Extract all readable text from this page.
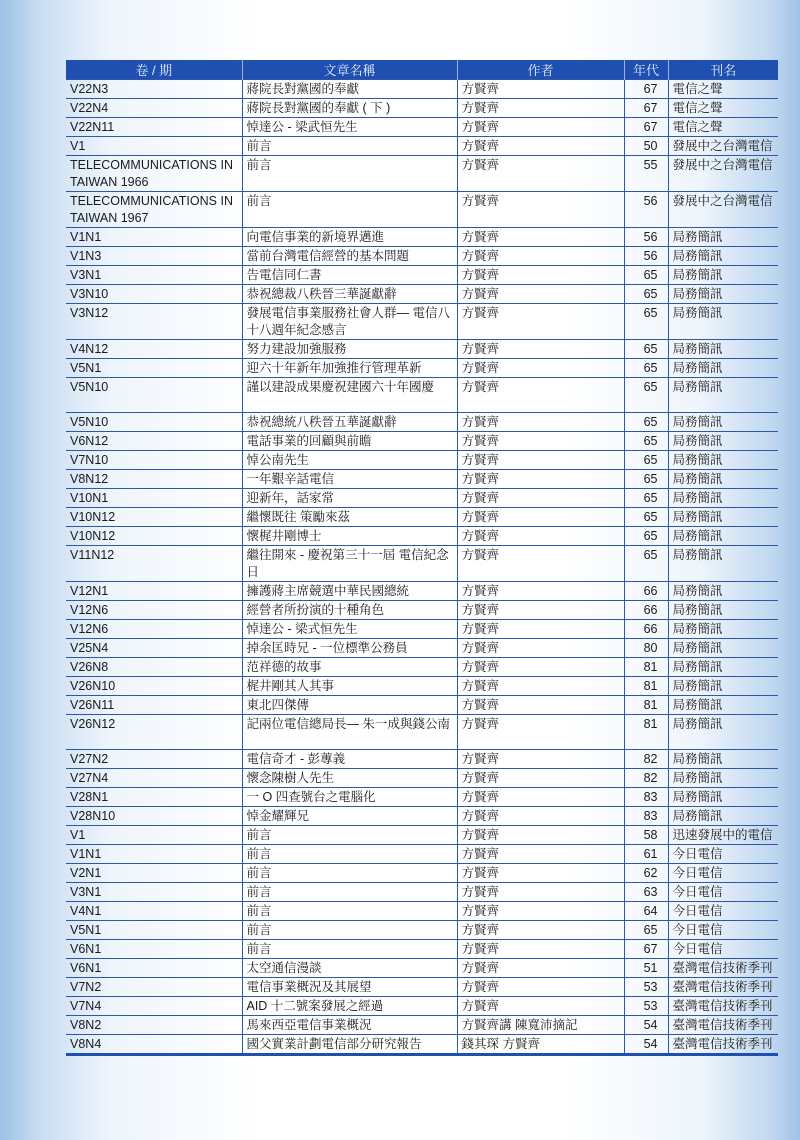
卷 / 期	文章名稱	作者	年代	刊名
V22N3	蔣院長對黨國的奉獻	方賢齊	67	電信之聲
V22N4	蔣院長對黨國的奉獻 ( 下 )	方賢齊	67	電信之聲
V22N11	悼達公 - 梁武恒先生	方賢齊	67	電信之聲
V1	前言	方賢齊	50	發展中之台灣電信
TELECOMMUNICATIONS IN TAIWAN 1966	前言	方賢齊	55	發展中之台灣電信
TELECOMMUNICATIONS IN TAIWAN 1967	前言	方賢齊	56	發展中之台灣電信
V1N1	向電信事業的新境界邁進	方賢齊	56	局務簡訊
V1N3	當前台灣電信經營的基本問題	方賢齊	56	局務簡訊
V3N1	告電信同仁書	方賢齊	65	局務簡訊
V3N10	恭祝總裁八秩晉三華誕獻辭	方賢齊	65	局務簡訊
V3N12	發展電信事業服務社會人群— 電信八十八週年紀念感言	方賢齊	65	局務簡訊
V4N12	努力建設加強服務	方賢齊	65	局務簡訊
V5N1	迎六十年新年加強推行管理革新	方賢齊	65	局務簡訊
V5N10	謹以建設成果慶祝建國六十年國慶	方賢齊	65	局務簡訊
V5N10	恭祝總統八秩晉五華誕獻辭	方賢齊	65	局務簡訊
V6N12	電話事業的回顧與前瞻	方賢齊	65	局務簡訊
V7N10	悼公南先生	方賢齊	65	局務簡訊
V8N12	一年艱辛話電信	方賢齊	65	局務簡訊
V10N1	迎新年，話家常	方賢齊	65	局務簡訊
V10N12	繼懷既往 策勵來茲	方賢齊	65	局務簡訊
V10N12	懷梶井剛博士	方賢齊	65	局務簡訊
V11N12	繼往開來 - 慶祝第三十一屆 電信紀念日	方賢齊	65	局務簡訊
V12N1	擁護蔣主席競選中華民國總統	方賢齊	66	局務簡訊
V12N6	經營者所扮演的十種角色	方賢齊	66	局務簡訊
V12N6	悼達公 - 梁式恒先生	方賢齊	66	局務簡訊
V25N4	掉余匡時兄 - 一位標準公務員	方賢齊	80	局務簡訊
V26N8	范祥德的故事	方賢齊	81	局務簡訊
V26N10	梶井剛其人其事	方賢齊	81	局務簡訊
V26N11	東北四傑傳	方賢齊	81	局務簡訊
V26N12	記兩位電信總局長— 朱一成與錢公南	方賢齊	81	局務簡訊
V27N2	電信奇才 - 彭蓴義	方賢齊	82	局務簡訊
V27N4	懷念陳樹人先生	方賢齊	82	局務簡訊
V28N1	一 O 四查號台之電腦化	方賢齊	83	局務簡訊
V28N10	悼金耀輝兄	方賢齊	83	局務簡訊
V1	前言	方賢齊	58	迅速發展中的電信
V1N1	前言	方賢齊	61	今日電信
V2N1	前言	方賢齊	62	今日電信
V3N1	前言	方賢齊	63	今日電信
V4N1	前言	方賢齊	64	今日電信
V5N1	前言	方賢齊	65	今日電信
V6N1	前言	方賢齊	67	今日電信
V6N1	太空通信漫談	方賢齊	51	臺灣電信技術季刊
V7N2	電信事業概況及其展望	方賢齊	53	臺灣電信技術季刊
V7N4	AID 十二號案發展之經過	方賢齊	53	臺灣電信技術季刊
V8N2	馬來西亞電信事業概況	方賢齊講 陳寬沛摘記	54	臺灣電信技術季刊
V8N4	國父實業計劃電信部分研究報告	錢其琛 方賢齊	54	臺灣電信技術季刊
